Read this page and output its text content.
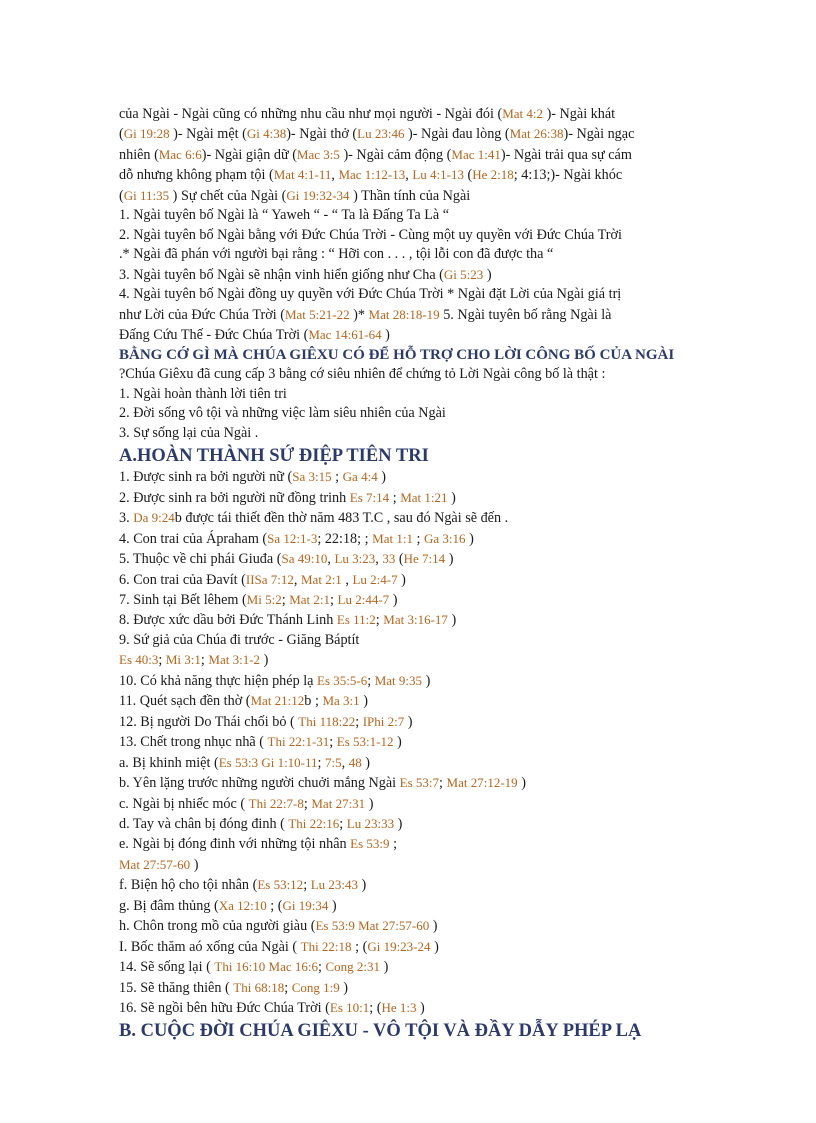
của Ngài - Ngài cũng có những nhu cầu như mọi người - Ngài đói (Mat 4:2 )- Ngài khát
(Gi 19:28 )- Ngài mệt (Gi 4:38)- Ngài thở (Lu 23:46 )- Ngài đau lòng (Mat 26:38)- Ngài ngạc
nhiên (Mac 6:6)- Ngài giận dữ (Mac 3:5 )- Ngài cảm động (Mac 1:41)- Ngài trải qua sự cám
dỗ nhưng không phạm tội (Mat 4:1-11, Mac 1:12-13, Lu 4:1-13 (He 2:18; 4:13;)- Ngài khóc
(Gi 11:35 ) Sự chết của Ngài (Gi 19:32-34 ) Thần tính của Ngài
1. Ngài tuyên bố Ngài là “ Yaweh “ - “ Ta là Đấng Ta Là “
2. Ngài tuyên bố Ngài bằng với Đức Chúa Trời - Cùng một uy quyền với Đức Chúa Trời
.* Ngài đã phán với người bại rằng : “ Hỡi con . . . , tội lỗi con đã được tha “
3. Ngài tuyên bố Ngài sẽ nhận vinh hiển giống như Cha (Gi 5:23 )
4. Ngài tuyên bố Ngài đồng uy quyền với Đức Chúa Trời * Ngài đặt Lời của Ngài giá trị
như Lời của Đức Chúa Trời (Mat 5:21-22 )* Mat 28:18-19 5. Ngài tuyên bố rằng Ngài là
Đấng Cứu Thế - Đức Chúa Trời (Mac 14:61-64 )
BẰNG CỚ GÌ MÀ CHÚA GIÊXU CÓ ĐỂ HỖ TRỢ CHO LỜI CÔNG BỐ CỦA NGÀI
?Chúa Giêxu đã cung cấp 3 bằng cớ siêu nhiên để chứng tỏ Lời Ngài công bố là thật :
1. Ngài hoàn thành lời tiên tri
2. Đời sống vô tội và những việc làm siêu nhiên của Ngài
3. Sự sống lại của Ngài .
A.HOÀN THÀNH SỨ ĐIỆP TIÊN TRI
1. Được sinh ra bởi người nữ (Sa 3:15 ; Ga 4:4 )
2. Được sinh ra bởi người nữ đồng trinh Es 7:14 ; Mat 1:21 )
3. Da 9:24b được tái thiết đền thờ năm 483 T.C , sau đó Ngài sẽ đến .
4. Con trai của Ápraham (Sa 12:1-3; 22:18; ; Mat 1:1 ; Ga 3:16 )
5. Thuộc về chi phái Giuđa (Sa 49:10, Lu 3:23, 33 (He 7:14 )
6. Con trai của Đavít (IISa 7:12, Mat 2:1 , Lu 2:4-7 )
7. Sinh tại Bết lêhem (Mi 5:2; Mat 2:1; Lu 2:44-7 )
8. Được xức dầu bởi Đức Thánh Linh Es 11:2; Mat 3:16-17 )
9. Sứ giả của Chúa đi trước - Giăng Báptít
Es 40:3; Mi 3:1; Mat 3:1-2 )
10. Có khả năng thực hiện phép lạ Es 35:5-6; Mat 9:35 )
11. Quét sạch đền thờ (Mat 21:12b ; Ma 3:1 )
12. Bị người Do Thái chối bỏ ( Thi 118:22; IPhi 2:7 )
13. Chết trong nhục nhã ( Thi 22:1-31; Es 53:1-12 )
a. Bị khinh miệt (Es 53:3 Gi 1:10-11; 7:5, 48 )
b. Yên lặng trước những người chuởi mắng Ngài Es 53:7; Mat 27:12-19 )
c. Ngài bị nhiếc móc ( Thi 22:7-8; Mat 27:31 )
d. Tay và chân bị đóng đinh ( Thi 22:16; Lu 23:33 )
e. Ngài bị đóng đinh với những tội nhân Es 53:9 ;
Mat 27:57-60 )
f. Biện hộ cho tội nhân (Es 53:12; Lu 23:43 )
g. Bị đâm thủng (Xa 12:10 ; (Gi 19:34 )
h. Chôn trong mồ của người giàu (Es 53:9 Mat 27:57-60 )
I. Bốc thăm aó xống của Ngài ( Thi 22:18 ; (Gi 19:23-24 )
14. Sẽ sống lại ( Thi 16:10 Mac 16:6; Cong 2:31 )
15. Sẽ thăng thiên ( Thi 68:18; Cong 1:9 )
16. Sẽ ngồi bên hữu Đức Chúa Trời (Es 10:1; (He 1:3 )
B. CUỘC ĐỜI CHÚA GIÊXU - VÔ TỘI VÀ ĐẦY DẪY PHÉP LẠ
